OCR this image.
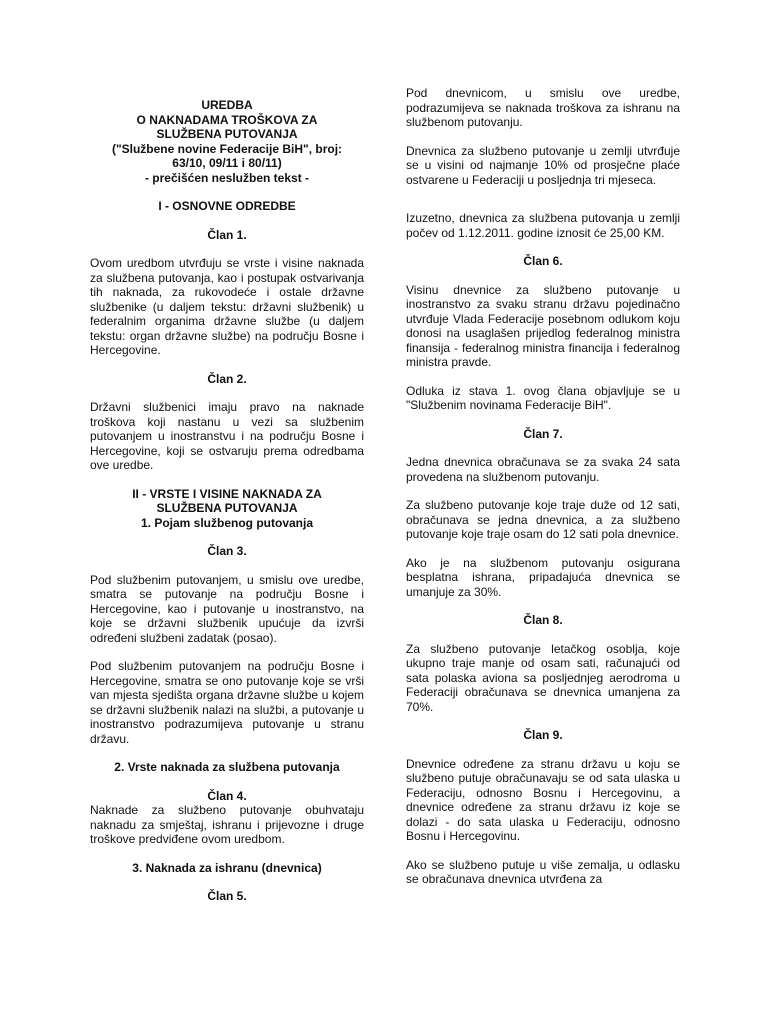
UREDBA
O NAKNADAMA TROŠKOVA ZA
SLUŽBENA PUTOVANJA
("Službene novine Federacije BiH", broj:
63/10, 09/11 i 80/11)
- prečišćen neslužben tekst -
I - OSNOVNE ODREDBE
Član 1.

Ovom uredbom utvrđuju se vrste i visine naknada za službena putovanja, kao i postupak ostvarivanja tih naknada, za rukovodeće i ostale državne službenike (u daljem tekstu: državni službenik) u federalnim organima državne službe (u daljem tekstu: organ državne službe) na području Bosne i Hercegovine.

Član 2.

Državni službenici imaju pravo na naknade troškova koji nastanu u vezi sa službenim putovanjem u inostranstvu i na području Bosne i Hercegovine, koji se ostvaruju prema odredbama ove uredbe.

II - VRSTE I VISINE NAKNADA ZA
SLUŽBENA PUTOVANJA
1. Pojam službenog putovanja
Član 3.

Pod službenim putovanjem, u smislu ove uredbe, smatra se putovanje na području Bosne i Hercegovine, kao i putovanje u inostranstvo, na koje se državni službenik upućuje da izvrši određeni službeni zadatak (posao).

Pod službenim putovanjem na području Bosne i Hercegovine, smatra se ono putovanje koje se vrši van mjesta sjedišta organa državne službe u kojem se državni službenik nalazi na službi, a putovanje u inostranstvo podrazumijeva putovanje u stranu državu.

2. Vrste naknada za službena putovanja
Član 4.

Naknade za službeno putovanje obuhvataju naknadu za smještaj, ishranu i prijevozne i druge troškove predviđene ovom uredbom.

3. Naknada za ishranu (dnevnica)
Član 5.

Pod dnevnicom, u smislu ove uredbe, podrazumijeva se naknada troškova za ishranu na službenom putovanju.

Dnevnica za službeno putovanje u zemlji utvrđuje se u visini od najmanje 10% od prosječne plaće ostvarene u Federaciji u posljednja tri mjeseca.

Izuzetno, dnevnica za službena putovanja u zemlji počev od 1.12.2011. godine iznosit će 25,00 KM.

Član 6.

Visinu dnevnice za službeno putovanje u inostranstvo za svaku stranu državu pojedinačno utvrđuje Vlada Federacije posebnom odlukom koju donosi na usaglašen prijedlog federalnog ministra finansija - federalnog ministra financija i federalnog ministra pravde.

Odluka iz stava 1. ovog člana objavljuje se u "Službenim novinama Federacije BiH".

Član 7.

Jedna dnevnica obračunava se za svaka 24 sata provedena na službenom putovanju.

Za službeno putovanje koje traje duže od 12 sati, obračunava se jedna dnevnica, a za službeno putovanje koje traje osam do 12 sati pola dnevnice.

Ako je na službenom putovanju osigurana besplatna ishrana, pripadajuća dnevnica se umanjuje za 30%.

Član 8.

Za službeno putovanje letačkog osoblja, koje ukupno traje manje od osam sati, računajući od sata polaska aviona sa posljednjeg aerodroma u Federaciji obračunava se dnevnica umanjena za 70%.

Član 9.

Dnevnice određene za stranu državu u koju se službeno putuje obračunavaju se od sata ulaska u Federaciju, odnosno Bosnu i Hercegovinu, a dnevnice određene za stranu državu iz koje se dolazi - do sata ulaska u Federaciju, odnosno Bosnu i Hercegovinu.

Ako se službeno putuje u više zemalja, u odlasku se obračunava dnevnica utvrđena za
